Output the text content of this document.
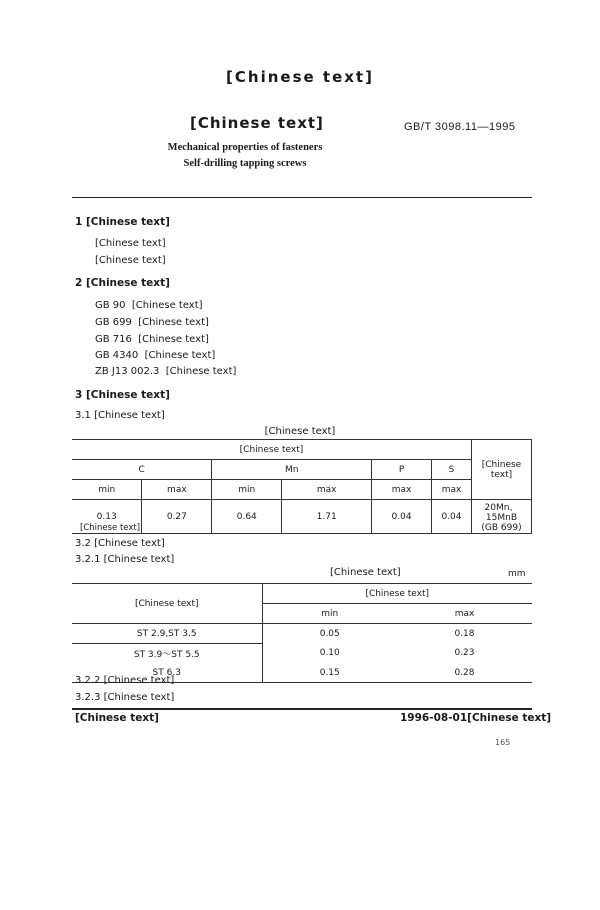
[Chinese text]
[Chinese text]	GB/T 3098.11—1995
Mechanical properties of fasteners
Self-drilling tapping screws
1 [Chinese text]
[Chinese text]
[Chinese text]
2 [Chinese text]
GB 90 [Chinese text]
GB 699 [Chinese text]
GB 716 [Chinese text]
GB 4340 [Chinese text]
ZB J13 002.3 [Chinese text]
3 [Chinese text]
3.1 [Chinese text]
[Chinese text]
[Chinese text]						[Chinese text]
C		Mn		P	S	
min	max	min	max	max	max	
0.13	0.27	0.64	1.71	0.04	0.04	20Mn、15MnB
(GB 699)
[Chinese text]
3.2 [Chinese text]
3.2.1 [Chinese text]
[Chinese text]	mm
[Chinese text]	[Chinese text]	
	min	max
ST 2.9,ST 3.5	0.05	0.18
ST 3.9～ST 5.5	0.10	0.23
ST 6.3	0.15	0.28
3.2.2 [Chinese text]
3.2.3 [Chinese text]
[Chinese text]	1996-08-01[Chinese text]
165
